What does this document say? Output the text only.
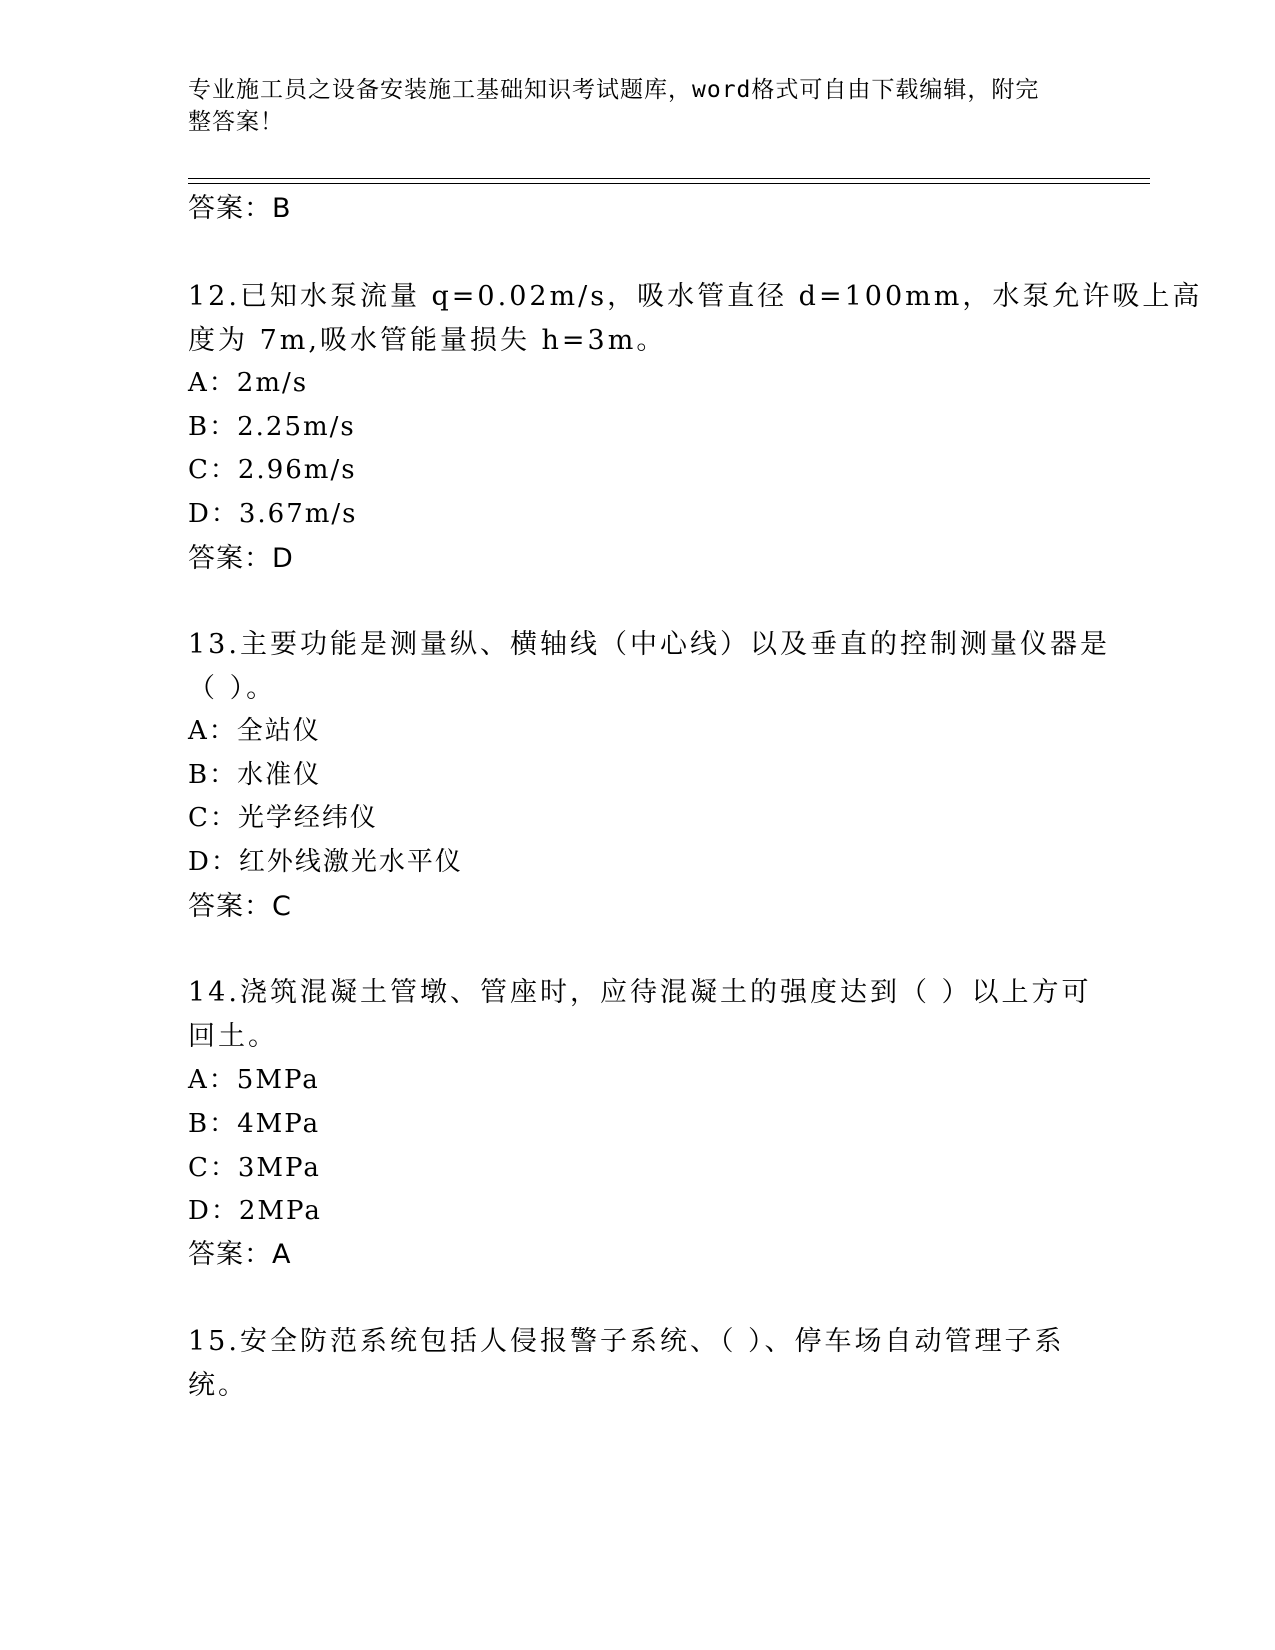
专业施工员之设备安装施工基础知识考试题库，word格式可自由下载编辑，附完
整答案！
答案：B
12.已知水泵流量 q=0.02m/s，吸水管直径 d=100mm，水泵允许吸上高
度为 7m,吸水管能量损失 h=3m。
A：2m/s
B：2.25m/s
C：2.96m/s
D：3.67m/s
答案：D
13.主要功能是测量纵、横轴线（中心线）以及垂直的控制测量仪器是
（ ）。
A：全站仪
B：水准仪
C：光学经纬仪
D：红外线激光水平仪
答案：C
14.浇筑混凝土管墩、管座时，应待混凝土的强度达到（ ）以上方可
回土。
A：5MPa
B：4MPa
C：3MPa
D：2MPa
答案：A
15.安全防范系统包括人侵报警子系统、（ ）、停车场自动管理子系
统。
